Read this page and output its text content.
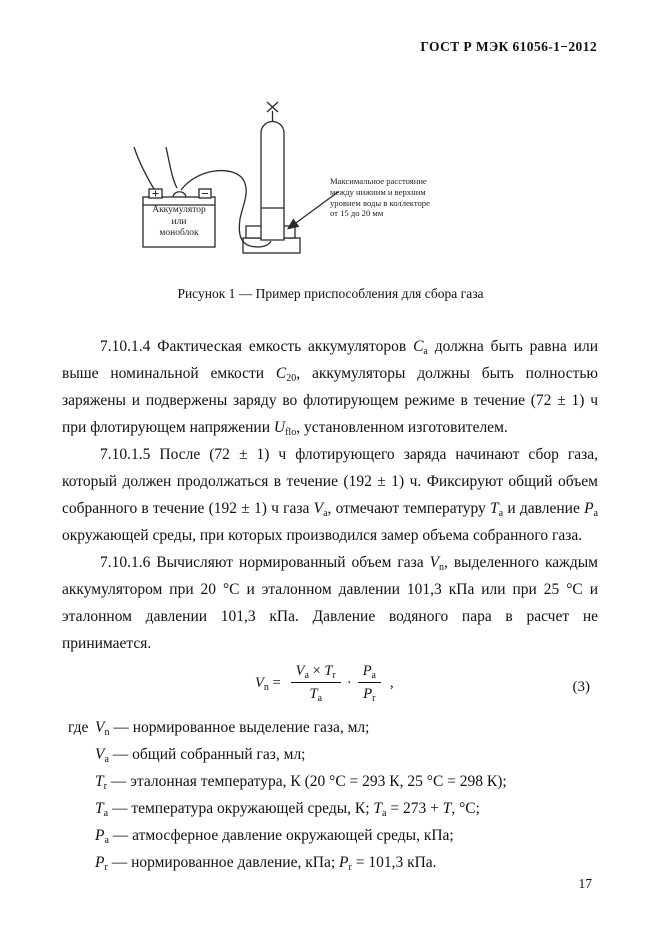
ГОСТ Р МЭК 61056-1−2012
Аккумулятор
или
моноблок
Максимальное расстояние
между нижним и верхним
уровнем воды в коллекторе
от 15 до 20 мм
Рисунок 1 — Пример приспособления для сбора газа

7.10.1.4 Фактическая емкость аккумуляторов $C_а$ должна быть равна или выше номинальной емкости $C_{20}$, аккумуляторы должны быть полностью заряжены и подвержены заряду во флотирующем режиме в течение (72 ± 1) ч при флотирующем напряжении $U_{flo}$, установленном изготовителем.

7.10.1.5 После (72 ± 1) ч флотирующего заряда начинают сбор газа, который должен продолжаться в течение (192 ± 1) ч. Фиксируют общий объем собранного в течение (192 ± 1) ч газа $V_а$, отмечают температуру $T_а$ и давление $P_а$ окружающей среды, при которых производился замер объема собранного газа.

7.10.1.6 Вычисляют нормированный объем газа $V_n$, выделенного каждым аккумулятором при 20 °С и эталонном давлении 101,3 кПа или при 25 °С и эталонном давлении 101,3 кПа. Давление водяного пара в расчет не принимается.

$V_n = \frac{V_a \times T_r}{T_a} \cdot \frac{P_a}{P_r}$ ,	(3)
где $V_n$ — нормированное выделение газа, мл;
$V_a$ — общий собранный газ, мл;
$T_r$ — эталонная температура, К (20 °С = 293 К, 25 °С = 298 К);
$T_a$ — температура окружающей среды, К; $T_a = 273 + T$, °С;
$P_a$ — атмосферное давление окружающей среды, кПа;
$P_r$ — нормированное давление, кПа; $P_r = 101,3$ кПа.
17
